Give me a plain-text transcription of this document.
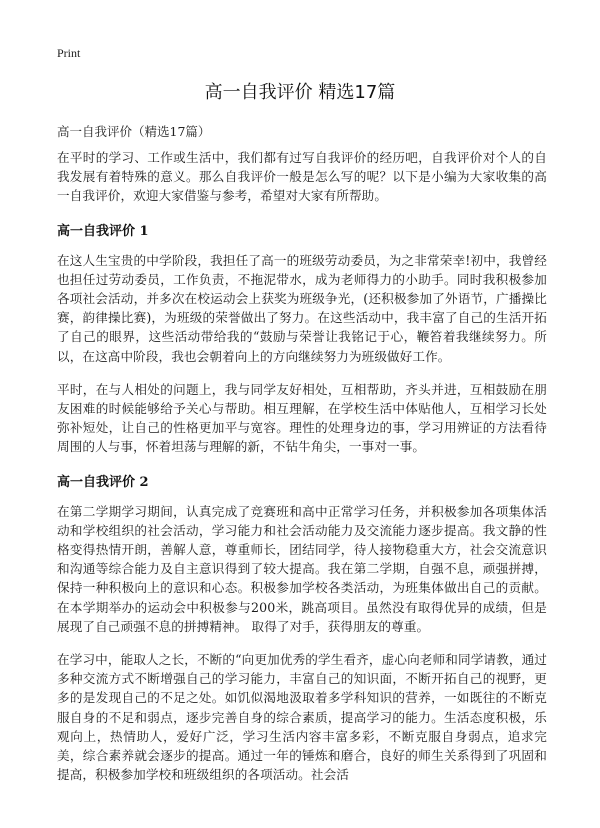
Print
高一自我评价 精选17篇
高一自我评价（精选17篇）

在平时的学习、工作或生活中，我们都有过写自我评价的经历吧，自我评价对个人的自我发展有着特殊的意义。那么自我评价一般是怎么写的呢？以下是小编为大家收集的高一自我评价，欢迎大家借鉴与参考，希望对大家有所帮助。

高一自我评价 1

在这人生宝贵的中学阶段，我担任了高一的班级劳动委员，为之非常荣幸!初中，我曾经也担任过劳动委员，工作负责，不拖泥带水，成为老师得力的小助手。同时我积极参加各项社会活动，并多次在校运动会上获奖为班级争光，(还积极参加了外语节，广播操比赛，韵律操比赛)，为班级的荣誉做出了努力。在这些活动中，我丰富了自己的生活开拓了自己的眼界，这些活动带给我的“鼓励与荣誉让我铭记于心，鞭笞着我继续努力。所以，在这高中阶段，我也会朝着向上的方向继续努力为班级做好工作。

平时，在与人相处的问题上，我与同学友好相处，互相帮助，齐头并进，互相鼓励在朋友困难的时候能够给予关心与帮助。相互理解，在学校生活中体贴他人，互相学习长处弥补短处，让自己的性格更加平与宽容。理性的处理身边的事，学习用辨证的方法看待周围的人与事，怀着坦荡与理解的新，不钻牛角尖，一事对一事。

高一自我评价 2

在第二学期学习期间，认真完成了竞赛班和高中正常学习任务，并积极参加各项集体活动和学校组织的社会活动，学习能力和社会活动能力及交流能力逐步提高。我文静的性格变得热情开朗，善解人意，尊重师长，团结同学，待人接物稳重大方，社会交流意识和沟通等综合能力及自主意识得到了较大提高。我在第二学期，自强不息，顽强拼搏，保持一种积极向上的意识和心态。积极参加学校各类活动，为班集体做出自己的贡献。在本学期举办的运动会中积极参与200米，跳高项目。虽然没有取得优异的成绩，但是展现了自己顽强不息的拼搏精神。 取得了对手，获得朋友的尊重。

在学习中，能取人之长，不断的“向更加优秀的学生看齐，虚心向老师和同学请教，通过多种交流方式不断增强自己的学习能力，丰富自己的知识面，不断开拓自己的视野，更多的是发现自己的不足之处。如饥似渴地汲取着多学科知识的营养，一如既往的不断克服自身的不足和弱点，逐步完善自身的综合素质，提高学习的能力。生活态度积极，乐观向上，热情助人，爱好广泛，学习生活内容丰富多彩，不断克服自身弱点，追求完美，综合素养就会逐步的提高。通过一年的锤炼和磨合，良好的师生关系得到了巩固和提高，积极参加学校和班级组织的各项活动。社会活
